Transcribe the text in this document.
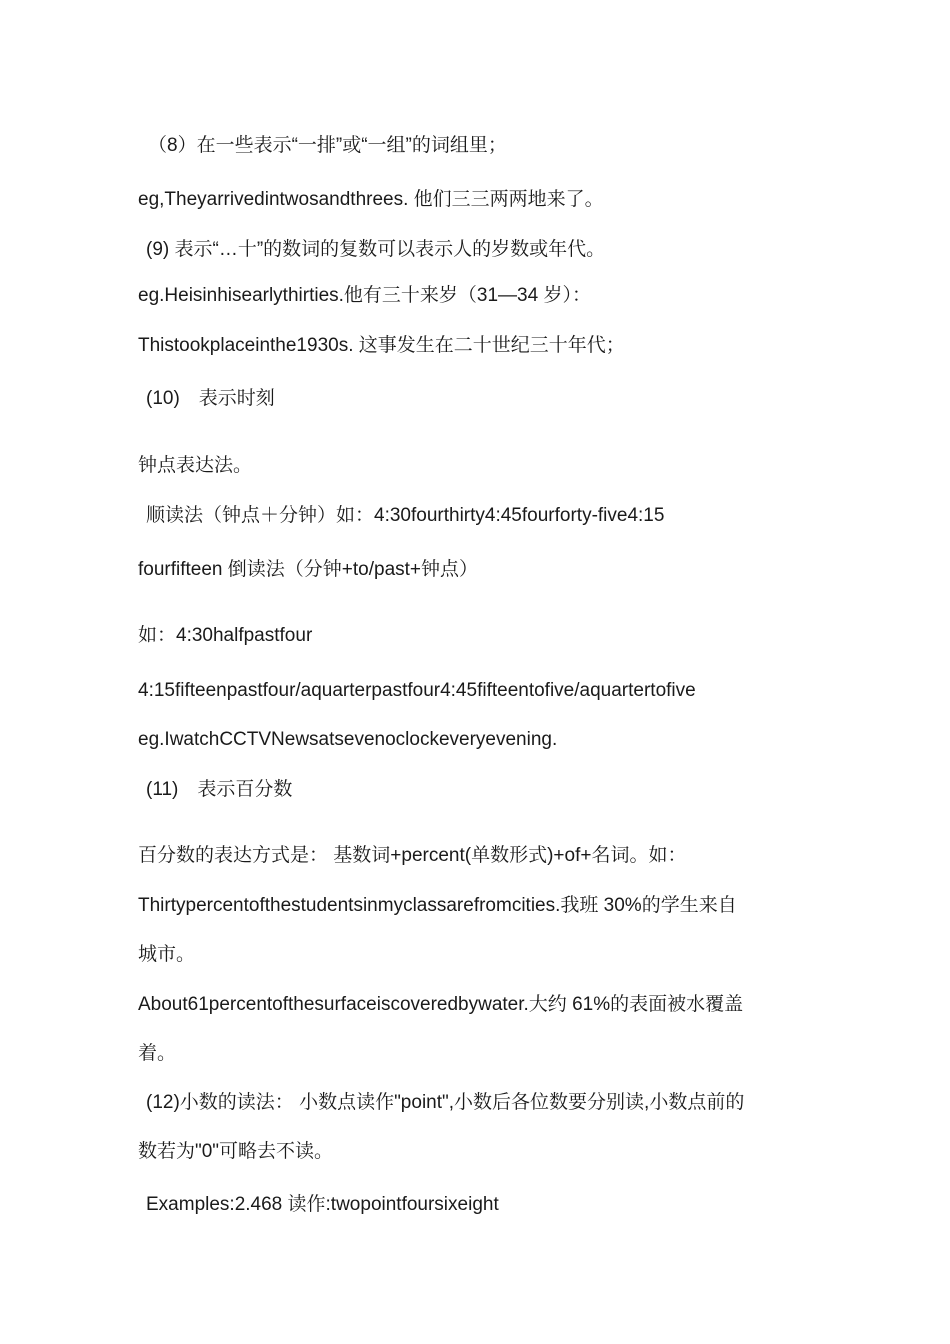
（8）在一些表示“一排”或“一组”的词组里；
eg,Theyarrivedintwosandthrees. 他们三三两两地来了。
(9) 表示“…十”的数词的复数可以表示人的岁数或年代。
eg.Heisinhisearlythirties.他有三十来岁（31—34 岁）：
Thistookplaceinthe1930s. 这事发生在二十世纪三十年代；
(10)　表示时刻
钟点表达法。
顺读法（钟点＋分钟）如：4:30fourthirty4:45fourforty-five4:15
fourfifteen 倒读法（分钟+to/past+钟点）
如：4:30halfpastfour
4:15fifteenpastfour/aquarterpastfour4:45fifteentofive/aquartertofive
eg.IwatchCCTVNewsatsevenoclockeveryevening.
(11)　表示百分数
百分数的表达方式是： 基数词+percent(单数形式)+of+名词。如：
Thirtypercentofthestudentsinmyclassarefromcities.我班 30%的学生来自
城市。
About61percentofthesurfaceiscoveredbywater.大约 61%的表面被水覆盖
着。
(12)小数的读法： 小数点读作"point",小数后各位数要分别读,小数点前的
数若为"0"可略去不读。
Examples:2.468 读作:twopointfoursixeight
